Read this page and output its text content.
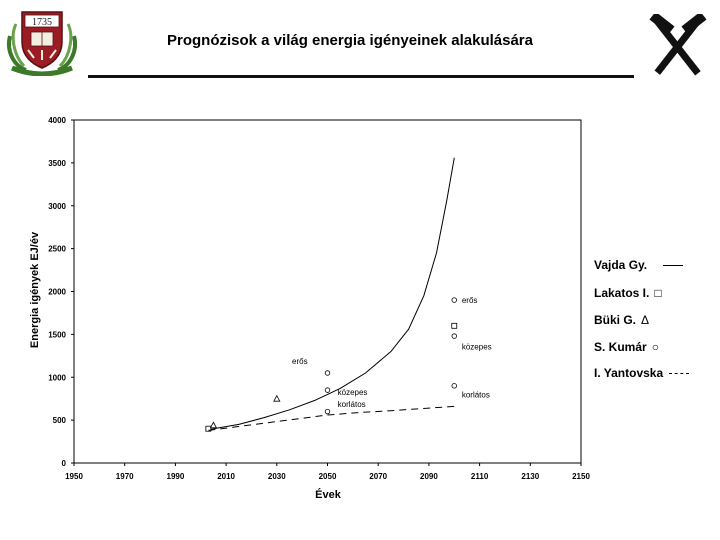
1735
Prognózisok a világ energia igényeinek alakulására
Évek
Energia igények EJ/év
1950	1970	1990	2010	2030	2050	2070	2090	2110	2130	2150
0
500
1000
1500
2000
2500
3000
3500
4000
erős
közepes
korlátos
erős
közepes
korlátos
Vajda Gy.
Lakatos I. □
Büki G. Δ
S. Kumár ○
I. Yantovska
